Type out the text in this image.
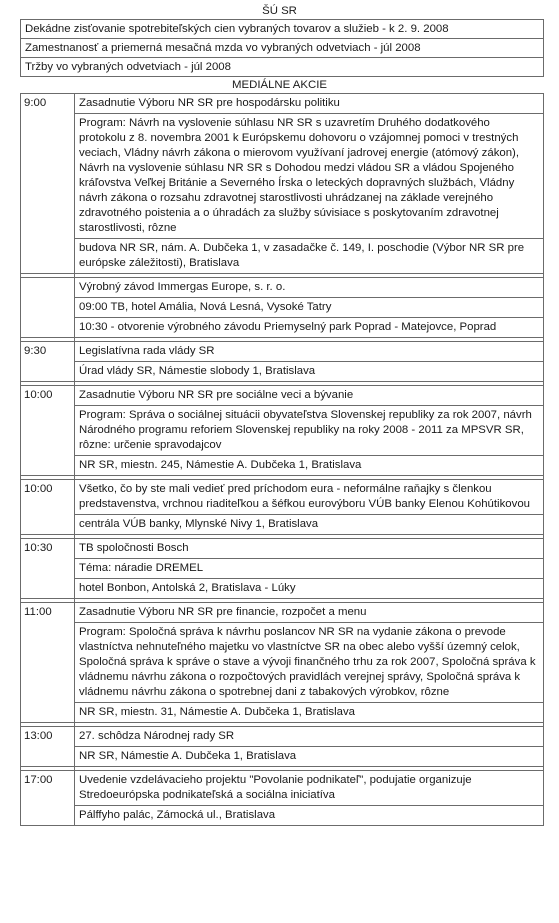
ŠÚ SR
Dekádne zisťovanie spotrebiteľských cien vybraných tovarov a služieb - k 2. 9. 2008
Zamestnanosť a priemerná mesačná mzda vo vybraných odvetviach - júl 2008
Tržby vo vybraných odvetviach - júl 2008
MEDIÁLNE AKCIE
9:00	Zasadnutie Výboru NR SR pre hospodársku politiku
	Program: Návrh na vyslovenie súhlasu NR SR s uzavretím Druhého dodatkového protokolu z 8. novembra 2001 k Európskemu dohovoru o vzájomnej pomoci v trestných veciach, Vládny návrh zákona o mierovom využívaní jadrovej energie (atómový zákon), Návrh na vyslovenie súhlasu NR SR s Dohodou medzi vládou SR a vládou Spojeného kráľovstva Veľkej Británie a Severného Írska o leteckých dopravných službách, Vládny návrh zákona o rozsahu zdravotnej starostlivosti uhrádzanej na základe verejného zdravotného poistenia a o úhradách za služby súvisiace s poskytovaním zdravotnej starostlivosti, rôzne
	budova NR SR, nám. A. Dubčeka 1, v zasadačke č. 149, I. poschodie (Výbor NR SR pre európske záležitosti), Bratislava

	Výrobný závod Immergas Europe, s. r. o.
	09:00 TB, hotel Amália, Nová Lesná, Vysoké Tatry
	10:30 - otvorenie výrobného závodu Priemyselný park Poprad - Matejovce, Poprad

9:30	Legislatívna rada vlády SR
	Úrad vlády SR, Námestie slobody 1, Bratislava

10:00	Zasadnutie Výboru NR SR pre sociálne veci a bývanie
	Program: Správa o sociálnej situácii obyvateľstva Slovenskej republiky za rok 2007, návrh Národného programu reforiem Slovenskej republiky na roky 2008 - 2011 za MPSVR SR, rôzne: určenie spravodajcov
	NR SR, miestn. 245, Námestie A. Dubčeka 1, Bratislava

10:00	Všetko, čo by ste mali vedieť pred príchodom eura - neformálne raňajky s členkou predstavenstva, vrchnou riaditeľkou a šéfkou eurovýboru VÚB banky Elenou Kohútikovou
	centrála VÚB banky, Mlynské Nivy 1, Bratislava

10:30	TB spoločnosti Bosch
	Téma: náradie DREMEL
	hotel Bonbon, Antolská 2, Bratislava - Lúky

11:00	Zasadnutie Výboru NR SR pre financie, rozpočet a menu
	Program: Spoločná správa k návrhu poslancov NR SR na vydanie zákona o prevode vlastníctva nehnuteľného majetku vo vlastníctve SR na obec alebo vyšší územný celok, Spoločná správa k správe o stave a vývoji finančného trhu za rok 2007, Spoločná správa k vládnemu návrhu zákona o rozpočtových pravidlách verejnej správy, Spoločná správa k vládnemu návrhu zákona o spotrebnej dani z tabakových výrobkov, rôzne
	NR SR, miestn. 31, Námestie A. Dubčeka 1, Bratislava

13:00	27. schôdza Národnej rady SR
	NR SR, Námestie A. Dubčeka 1, Bratislava

17:00	Uvedenie vzdelávacieho projektu "Povolanie podnikateľ", podujatie organizuje Stredoeurópska podnikateľská a sociálna iniciatíva
	Pálffyho palác, Zámocká ul., Bratislava
